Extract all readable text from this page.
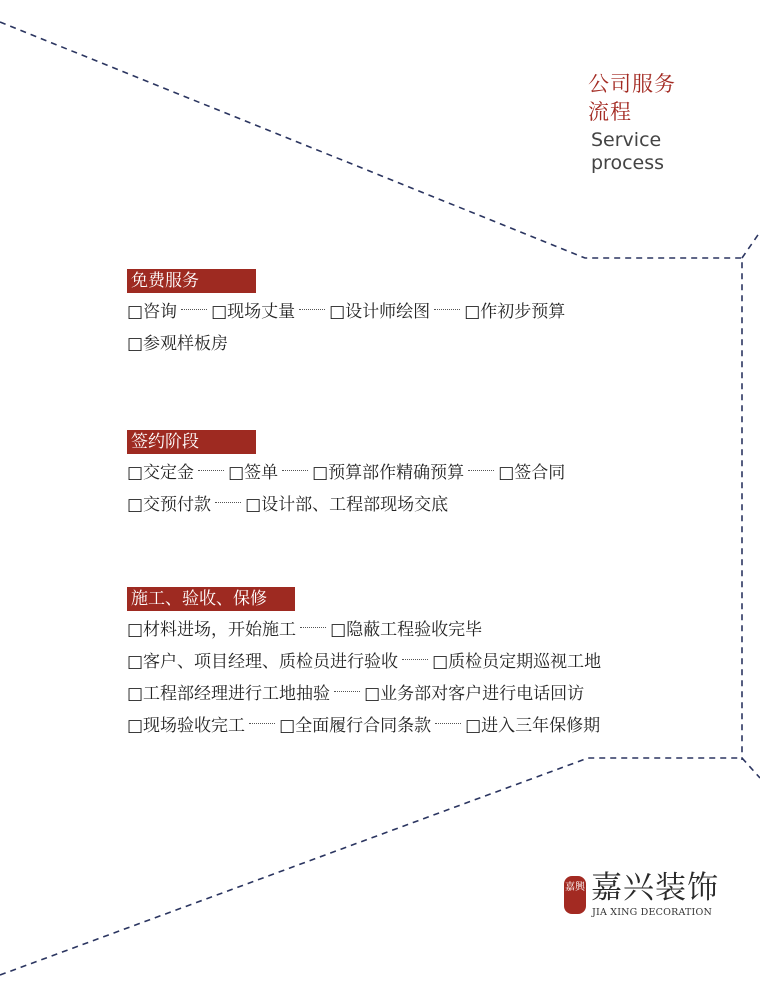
公司服务
流程
Service
process
免费服务
□咨询 □现场丈量 □设计师绘图 □作初步预算
□参观样板房
签约阶段
□交定金 □签单 □预算部作精确预算 □签合同
□交预付款 □设计部、工程部现场交底
施工、验收、保修
□材料进场，开始施工 □隐蔽工程验收完毕
□客户、项目经理、质检员进行验收 □质检员定期巡视工地
□工程部经理进行工地抽验 □业务部对客户进行电话回访
□现场验收完工 □全面履行合同条款 □进入三年保修期
嘉興 嘉兴装饰
JIA XING DECORATION
